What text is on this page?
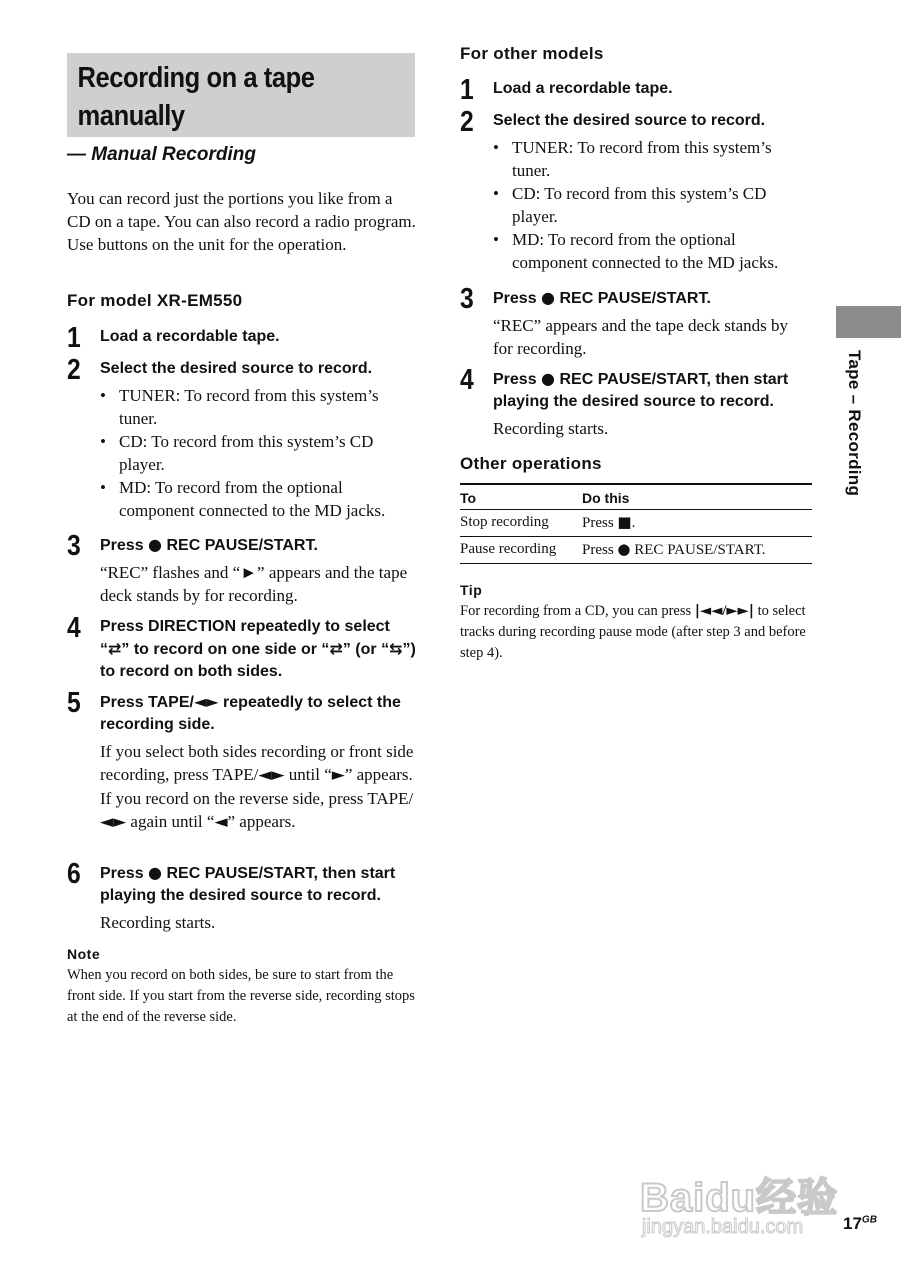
Recording on a tape
manually
— Manual Recording
You can record just the portions you like from a CD on a tape. You can also record a radio program.
Use buttons on the unit for the operation.
For model XR-EM550
1 Load a recordable tape.
2 Select the desired source to record.
• TUNER: To record from this system’s tuner.
• CD: To record from this system’s CD player.
• MD: To record from the optional component connected to the MD jacks.
3 Press ● REC PAUSE/START.
“REC” flashes and “►” appears and the tape deck stands by for recording.
4 Press DIRECTION repeatedly to select “⇄” to record on one side or “⇄” (or “⇆”) to record on both sides.
5 Press TAPE/◄► repeatedly to select the recording side.
If you select both sides recording or front side recording, press TAPE/◄► until “►” appears. If you record on the reverse side, press TAPE/◄► again until “◄” appears.
6 Press ● REC PAUSE/START, then start playing the desired source to record.
Recording starts.
Note
When you record on both sides, be sure to start from the front side. If you start from the reverse side, recording stops at the end of the reverse side.
For other models
1 Load a recordable tape.
2 Select the desired source to record.
• TUNER: To record from this system’s tuner.
• CD: To record from this system’s CD player.
• MD: To record from the optional component connected to the MD jacks.
3 Press ● REC PAUSE/START.
“REC” appears and the tape deck stands by for recording.
4 Press ● REC PAUSE/START, then start playing the desired source to record.
Recording starts.
Other operations
To	Do this
Stop recording	Press ■.
Pause recording	Press ● REC PAUSE/START.
Tip
For recording from a CD, you can press |◄◄/►►| to select tracks during recording pause mode (after step 3 and before step 4).
Tape – Recording
Baidu经验
jingyan.baidu.com $17^{GB}$
